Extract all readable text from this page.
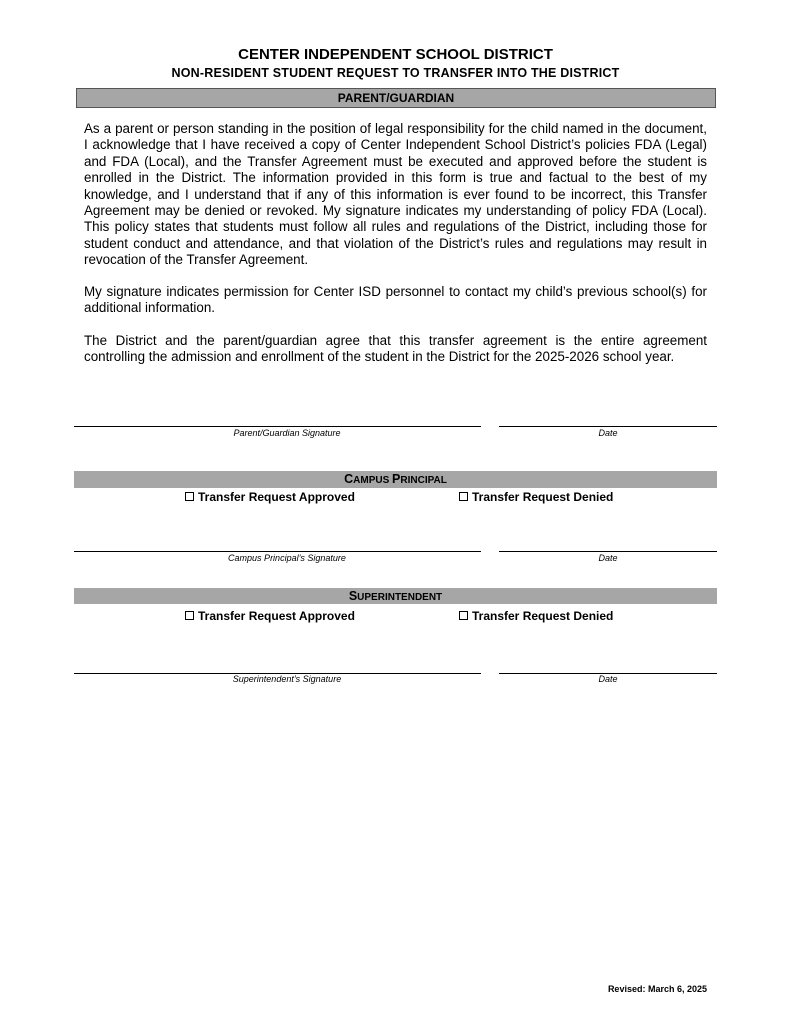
CENTER INDEPENDENT SCHOOL DISTRICT
NON-RESIDENT STUDENT REQUEST TO TRANSFER INTO THE DISTRICT
PARENT/GUARDIAN

As a parent or person standing in the position of legal responsibility for the child named in the document, I acknowledge that I have received a copy of Center Independent School District’s policies FDA (Legal) and FDA (Local), and the Transfer Agreement must be executed and approved before the student is enrolled in the District. The information provided in this form is true and factual to the best of my knowledge, and I understand that if any of this information is ever found to be incorrect, this Transfer Agreement may be denied or revoked. My signature indicates my understanding of policy FDA (Local). This policy states that students must follow all rules and regulations of the District, including those for student conduct and attendance, and that violation of the District’s rules and regulations may result in revocation of the Transfer Agreement.

My signature indicates permission for Center ISD personnel to contact my child’s previous school(s) for additional information.

The District and the parent/guardian agree that this transfer agreement is the entire agreement controlling the admission and enrollment of the student in the District for the 2025-2026 school year.

Parent/Guardian Signature	Date
CAMPUS PRINCIPAL
Transfer Request Approved	Transfer Request Denied
Campus Principal’s Signature	Date
SUPERINTENDENT
Transfer Request Approved	Transfer Request Denied
Superintendent’s Signature	Date
Revised: March 6, 2025
